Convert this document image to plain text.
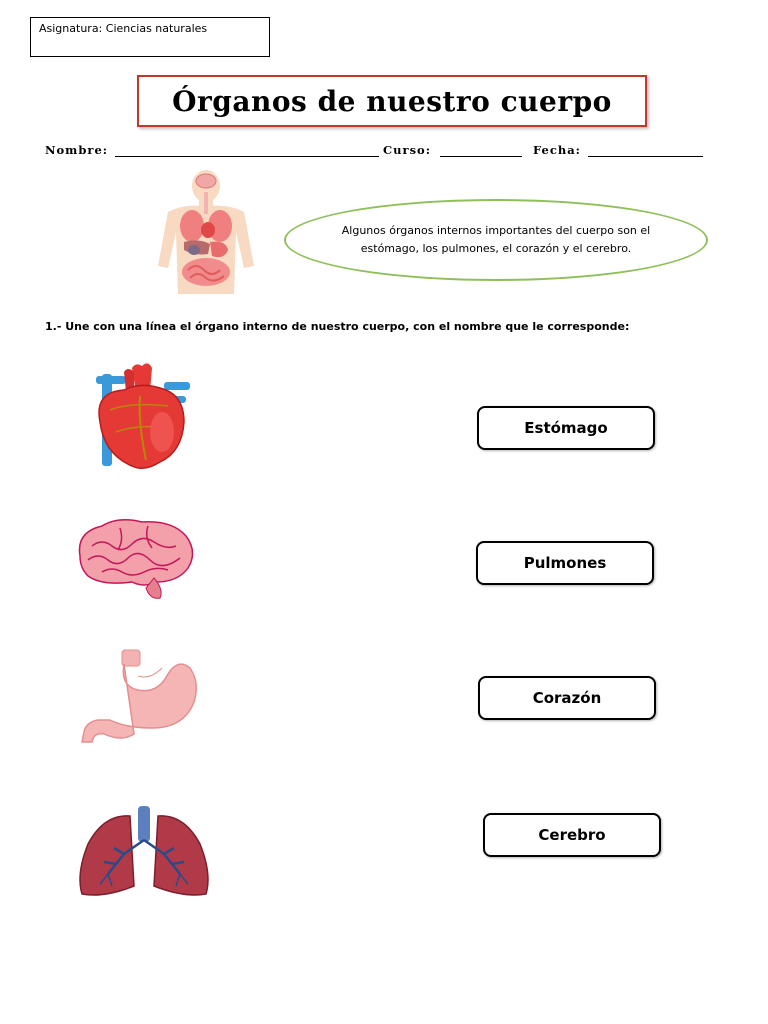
Asignatura: Ciencias naturales
Órganos de nuestro cuerpo
Nombre:	Curso:	Fecha:
Algunos órganos internos importantes del cuerpo son el estómago, los pulmones, el corazón y el cerebro.
1.- Une con una línea el órgano interno de nuestro cuerpo, con el nombre que le corresponde:
Estómago
Pulmones
Corazón
Cerebro
